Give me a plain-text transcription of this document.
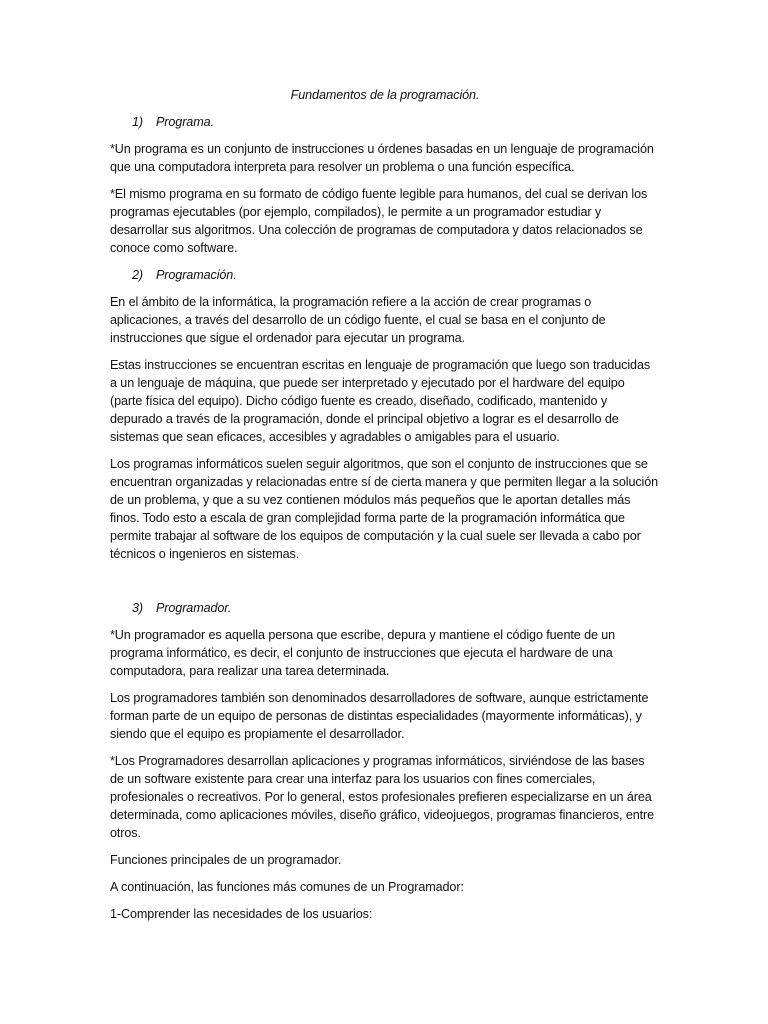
Fundamentos de la programación.

1) Programa.

*Un programa es un conjunto de instrucciones u órdenes basadas en un lenguaje de programación que una computadora interpreta para resolver un problema o una función específica.

*El mismo programa en su formato de código fuente legible para humanos, del cual se derivan los programas ejecutables (por ejemplo, compilados), le permite a un programador estudiar y desarrollar sus algoritmos. Una colección de programas de computadora y datos relacionados se conoce como software.

2) Programación.

En el ámbito de la informática, la programación refiere a la acción de crear programas o aplicaciones, a través del desarrollo de un código fuente, el cual se basa en el conjunto de instrucciones que sigue el ordenador para ejecutar un programa.

Estas instrucciones se encuentran escritas en lenguaje de programación que luego son traducidas a un lenguaje de máquina, que puede ser interpretado y ejecutado por el hardware del equipo (parte física del equipo). Dicho código fuente es creado, diseñado, codificado, mantenido y depurado a través de la programación, donde el principal objetivo a lograr es el desarrollo de sistemas que sean eficaces, accesibles y agradables o amigables para el usuario.

Los programas informáticos suelen seguir algoritmos, que son el conjunto de instrucciones que se encuentran organizadas y relacionadas entre sí de cierta manera y que permiten llegar a la solución de un problema, y que a su vez contienen módulos más pequeños que le aportan detalles más finos. Todo esto a escala de gran complejidad forma parte de la programación informática que permite trabajar al software de los equipos de computación y la cual suele ser llevada a cabo por técnicos o ingenieros en sistemas.

3) Programador.

*Un programador es aquella persona que escribe, depura y mantiene el código fuente de un programa informático, es decir, el conjunto de instrucciones que ejecuta el hardware de una computadora, para realizar una tarea determinada.

Los programadores también son denominados desarrolladores de software, aunque estrictamente forman parte de un equipo de personas de distintas especialidades (mayormente informáticas), y siendo que el equipo es propiamente el desarrollador.

*Los Programadores desarrollan aplicaciones y programas informáticos, sirviéndose de las bases de un software existente para crear una interfaz para los usuarios con fines comerciales, profesionales o recreativos. Por lo general, estos profesionales prefieren especializarse en un área determinada, como aplicaciones móviles, diseño gráfico, videojuegos, programas financieros, entre otros.

Funciones principales de un programador.

A continuación, las funciones más comunes de un Programador:

1-Comprender las necesidades de los usuarios:
